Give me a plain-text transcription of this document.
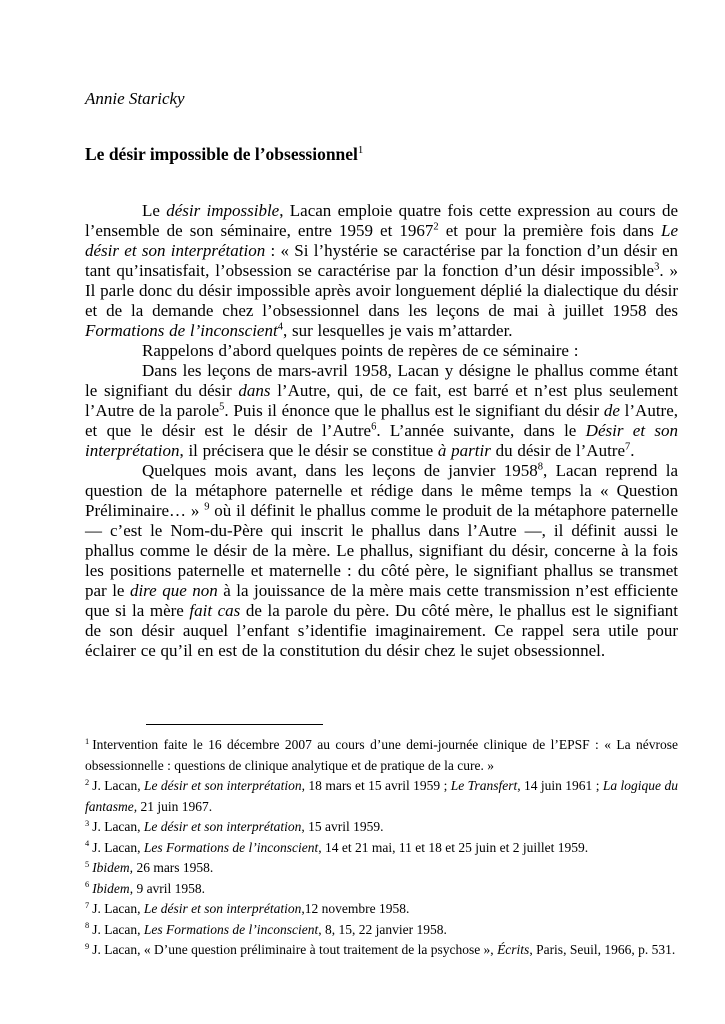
Annie Staricky
Le désir impossible de l’obsessionnel$^1$

Le désir impossible, Lacan emploie quatre fois cette expression au cours de l’ensemble de son séminaire, entre 1959 et 1967$^2$ et pour la première fois dans Le désir et son interprétation : « Si l’hystérie se caractérise par la fonction d’un désir en tant qu’insatisfait, l’obsession se caractérise par la fonction d’un désir impossible$^3$. » Il parle donc du désir impossible après avoir longuement déplié la dialectique du désir et de la demande chez l’obsessionnel dans les leçons de mai à juillet 1958 des Formations de l’inconscient$^4$, sur lesquelles je vais m’attarder.

Rappelons d’abord quelques points de repères de ce séminaire :

Dans les leçons de mars-avril 1958, Lacan y désigne le phallus comme étant le signifiant du désir dans l’Autre, qui, de ce fait, est barré et n’est plus seulement l’Autre de la parole$^5$. Puis il énonce que le phallus est le signifiant du désir de l’Autre, et que le désir est le désir de l’Autre$^6$. L’année suivante, dans le Désir et son interprétation, il précisera que le désir se constitue à partir du désir de l’Autre$^7$.

Quelques mois avant, dans les leçons de janvier 1958$^8$, Lacan reprend la question de la métaphore paternelle et rédige dans le même temps la « Question Préliminaire… » $^9$ où il définit le phallus comme le produit de la métaphore paternelle — c’est le Nom-du-Père qui inscrit le phallus dans l’Autre —, il définit aussi le phallus comme le désir de la mère. Le phallus, signifiant du désir, concerne à la fois les positions paternelle et maternelle : du côté père, le signifiant phallus se transmet par le dire que non à la jouissance de la mère mais cette transmission n’est efficiente que si la mère fait cas de la parole du père. Du côté mère, le phallus est le signifiant de son désir auquel l’enfant s’identifie imaginairement. Ce rappel sera utile pour éclairer ce qu’il en est de la constitution du désir chez le sujet obsessionnel.

$^1$ Intervention faite le 16 décembre 2007 au cours d’une demi-journée clinique de l’EPSF : « La névrose obsessionnelle : questions de clinique analytique et de pratique de la cure. »

$^2$ J. Lacan, Le désir et son interprétation, 18 mars et 15 avril 1959 ; Le Transfert, 14 juin 1961 ; La logique du fantasme, 21 juin 1967.

$^3$ J. Lacan, Le désir et son interprétation, 15 avril 1959.

$^4$ J. Lacan, Les Formations de l’inconscient, 14 et 21 mai, 11 et 18 et 25 juin et 2 juillet 1959.

$^5$ Ibidem, 26 mars 1958.

$^6$ Ibidem, 9 avril 1958.

$^7$ J. Lacan, Le désir et son interprétation,12 novembre 1958.

$^8$ J. Lacan, Les Formations de l’inconscient, 8, 15, 22 janvier 1958.

$^9$ J. Lacan, « D’une question préliminaire à tout traitement de la psychose », Écrits, Paris, Seuil, 1966, p. 531.
